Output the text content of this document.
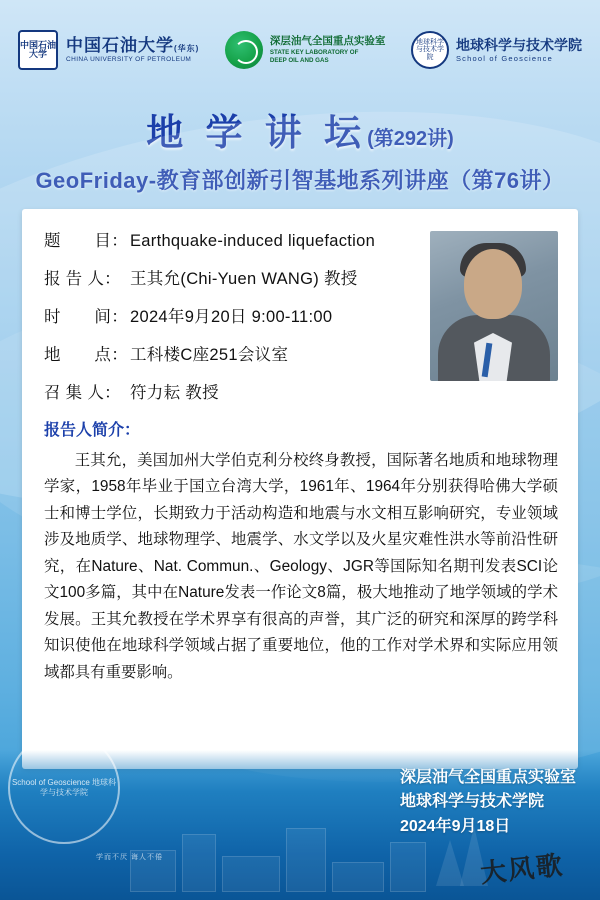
中国石油大学	中国石油大学(华东)
CHINA UNIVERSITY OF PETROLEUM
深层油气全国重点实验室
STATE KEY LABORATORY OF
DEEP OIL AND GAS
地球科学与技术学院
地球科学与技术学院
School of Geoscience
地 学 讲 坛(第292讲)
GeoFriday-教育部创新引智基地系列讲座（第76讲）
题　　目： Earthquake-induced liquefaction
报 告 人： 王其允(Chi-Yuen WANG) 教授
时　　间： 2024年9月20日 9:00-11:00
地　　点： 工科楼C座251会议室
召 集 人： 符力耘 教授
报告人简介：
王其允，美国加州大学伯克利分校终身教授，国际著名地质和地球物理学家，1958年毕业于国立台湾大学，1961年、1964年分别获得哈佛大学硕士和博士学位，长期致力于活动构造和地震与水文相互影响研究，专业领域涉及地质学、地球物理学、地震学、水文学以及火星灾难性洪水等前沿性研究，在Nature、Nat. Commun.、Geology、JGR等国际知名期刊发表SCI论文100多篇，其中在Nature发表一作论文8篇，极大地推动了地学领域的学术发展。王其允教授在学术界享有很高的声誉，其广泛的研究和深厚的跨学科知识使他在地球科学领域占据了重要地位，他的工作对学术界和实际应用领域都具有重要影响。
School of Geoscience 地球科学与技术学院
学而不厌 诲人不倦
深层油气全国重点实验室
地球科学与技术学院
2024年9月18日
大风歌
